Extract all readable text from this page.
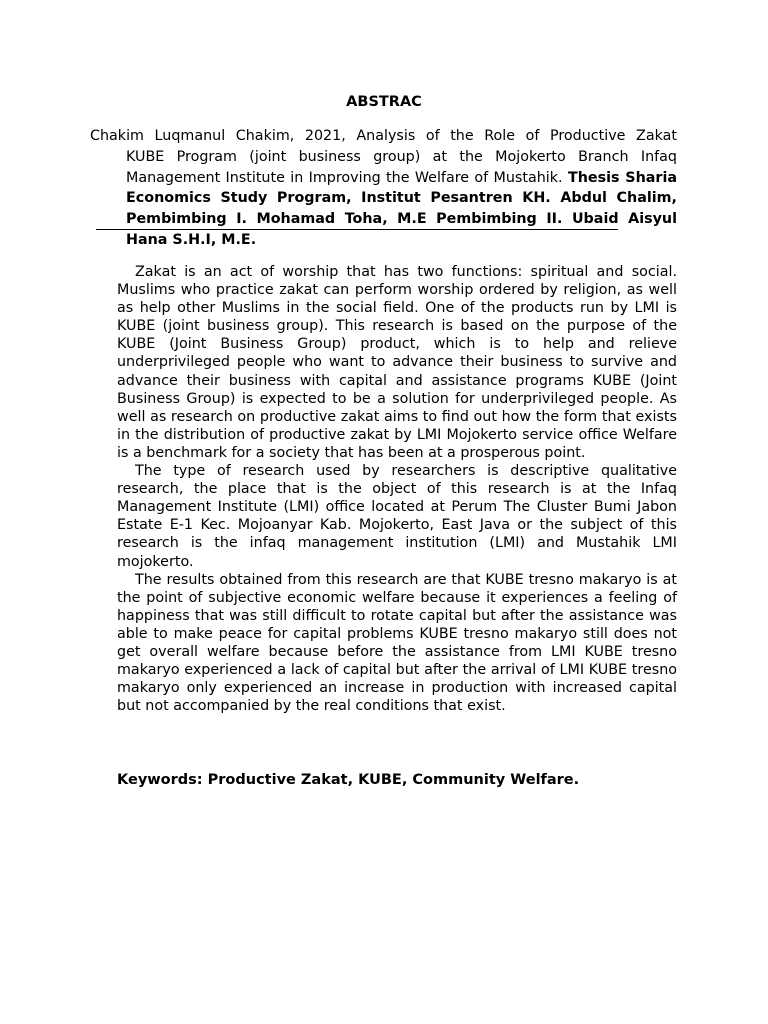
ABSTRAC
Chakim Luqmanul Chakim, 2021, Analysis of the Role of Productive Zakat
KUBE Program (joint business group) at the Mojokerto Branch Infaq Management Institute in Improving the Welfare of Mustahik. Thesis Sharia Economics Study Program, Institut Pesantren KH. Abdul Chalim, Pembimbing I. Mohamad Toha, M.E Pembimbing II. Ubaid Aisyul Hana S.H.I, M.E.

Zakat is an act of worship that has two functions: spiritual and social. Muslims who practice zakat can perform worship ordered by religion, as well as help other Muslims in the social field. One of the products run by LMI is KUBE (joint business group). This research is based on the purpose of the KUBE (Joint Business Group) product, which is to help and relieve underprivileged people who want to advance their business to survive and advance their business with capital and assistance programs KUBE (Joint Business Group) is expected to be a solution for underprivileged people. As well as research on productive zakat aims to find out how the form that exists in the distribution of productive zakat by LMI Mojokerto service office Welfare is a benchmark for a society that has been at a prosperous point.

The type of research used by researchers is descriptive qualitative research, the place that is the object of this research is at the Infaq Management Institute (LMI) office located at Perum The Cluster Bumi Jabon Estate E-1 Kec. Mojoanyar Kab. Mojokerto, East Java or the subject of this research is the infaq management institution (LMI) and Mustahik LMI mojokerto.

The results obtained from this research are that KUBE tresno makaryo is at the point of subjective economic welfare because it experiences a feeling of happiness that was still difficult to rotate capital but after the assistance was able to make peace for capital problems KUBE tresno makaryo still does not get overall welfare because before the assistance from LMI KUBE tresno makaryo experienced a lack of capital but after the arrival of LMI KUBE tresno makaryo only experienced an increase in production with increased capital but not accompanied by the real conditions that exist.

Keywords: Productive Zakat, KUBE, Community Welfare.
